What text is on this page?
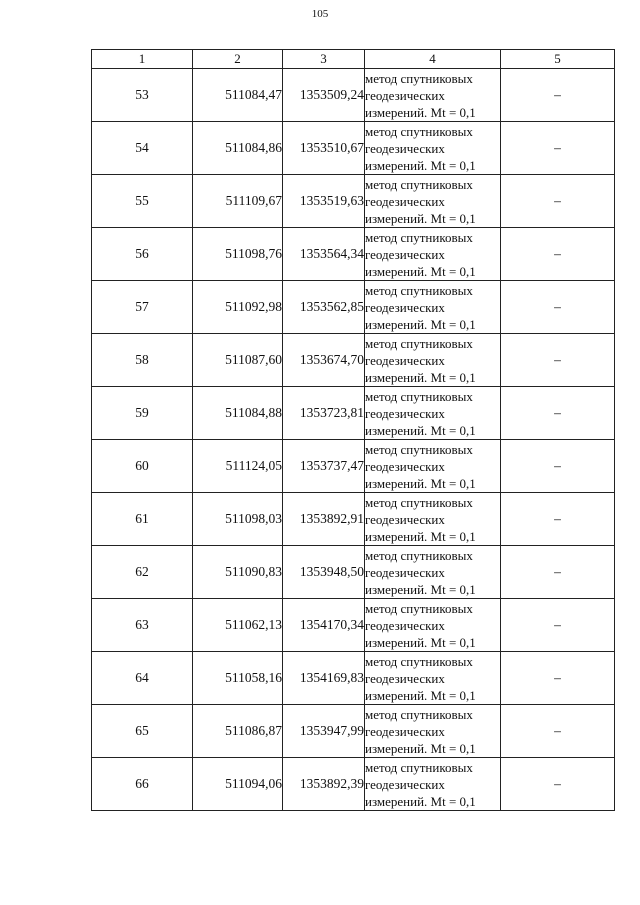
105
1	2	3	4	5
53	511084,47	1353509,24	метод спутниковых
геодезических
измерений. Mt = 0,1	–
54	511084,86	1353510,67	метод спутниковых
геодезических
измерений. Mt = 0,1	–
55	511109,67	1353519,63	метод спутниковых
геодезических
измерений. Mt = 0,1	–
56	511098,76	1353564,34	метод спутниковых
геодезических
измерений. Mt = 0,1	–
57	511092,98	1353562,85	метод спутниковых
геодезических
измерений. Mt = 0,1	–
58	511087,60	1353674,70	метод спутниковых
геодезических
измерений. Mt = 0,1	–
59	511084,88	1353723,81	метод спутниковых
геодезических
измерений. Mt = 0,1	–
60	511124,05	1353737,47	метод спутниковых
геодезических
измерений. Mt = 0,1	–
61	511098,03	1353892,91	метод спутниковых
геодезических
измерений. Mt = 0,1	–
62	511090,83	1353948,50	метод спутниковых
геодезических
измерений. Mt = 0,1	–
63	511062,13	1354170,34	метод спутниковых
геодезических
измерений. Mt = 0,1	–
64	511058,16	1354169,83	метод спутниковых
геодезических
измерений. Mt = 0,1	–
65	511086,87	1353947,99	метод спутниковых
геодезических
измерений. Mt = 0,1	–
66	511094,06	1353892,39	метод спутниковых
геодезических
измерений. Mt = 0,1	–
